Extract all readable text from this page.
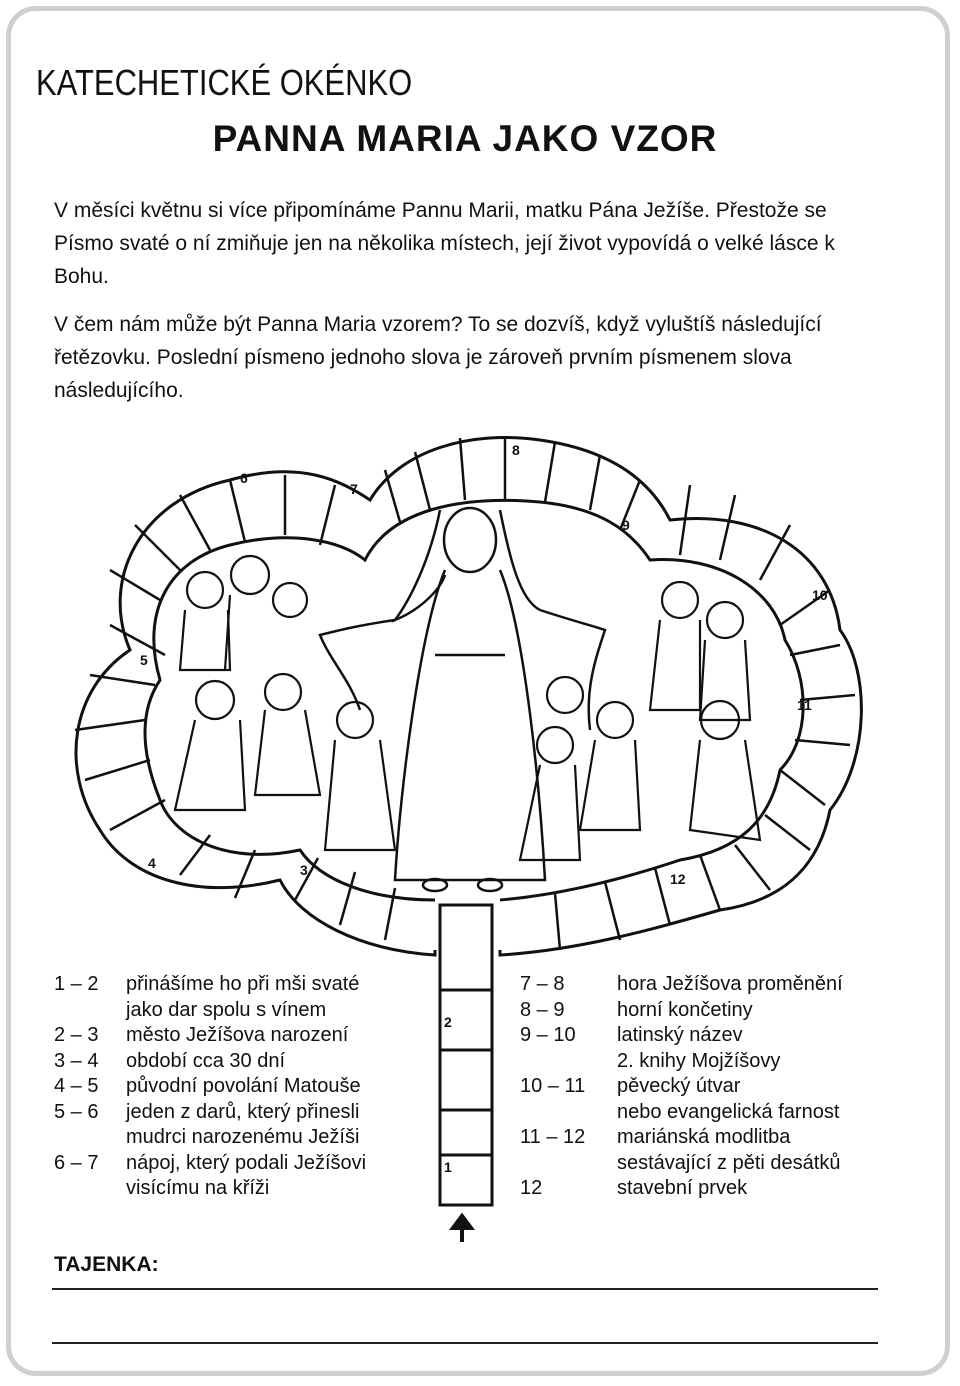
KATECHETICKÉ OKÉNKO
PANNA MARIA JAKO VZOR
V měsíci květnu si více připomínáme Pannu Marii, matku Pána Ježíše. Přestože se Písmo svaté o ní zmiňuje jen na několika místech, její život vypovídá o velké lásce k Bohu.
V čem nám může být Panna Maria vzorem? To se dozvíš, když vyluštíš následující řetězovku. Poslední písmeno jednoho slova je zároveň prvním písmenem slova následujícího.
1
2
3
4
5
6
7
8
9
10
11
12
1 – 2	přinášíme ho při mši svaté
jako dar spolu s vínem
2 – 3	město Ježíšova narození
3 – 4	období cca 30 dní
4 – 5	původní povolání Matouše
5 – 6	jeden z darů, který přinesli
mudrci narozenému Ježíši
6 – 7	nápoj, který podali Ježíšovi
visícímu na kříži
7 – 8	hora Ježíšova proměnění
8 – 9	horní končetiny
9 – 10	latinský název
2. knihy Mojžíšovy
10 – 11	pěvecký útvar
nebo evangelická farnost
11 – 12	mariánská modlitba
sestávající z pěti desátků
12	stavební prvek
TAJENKA:
